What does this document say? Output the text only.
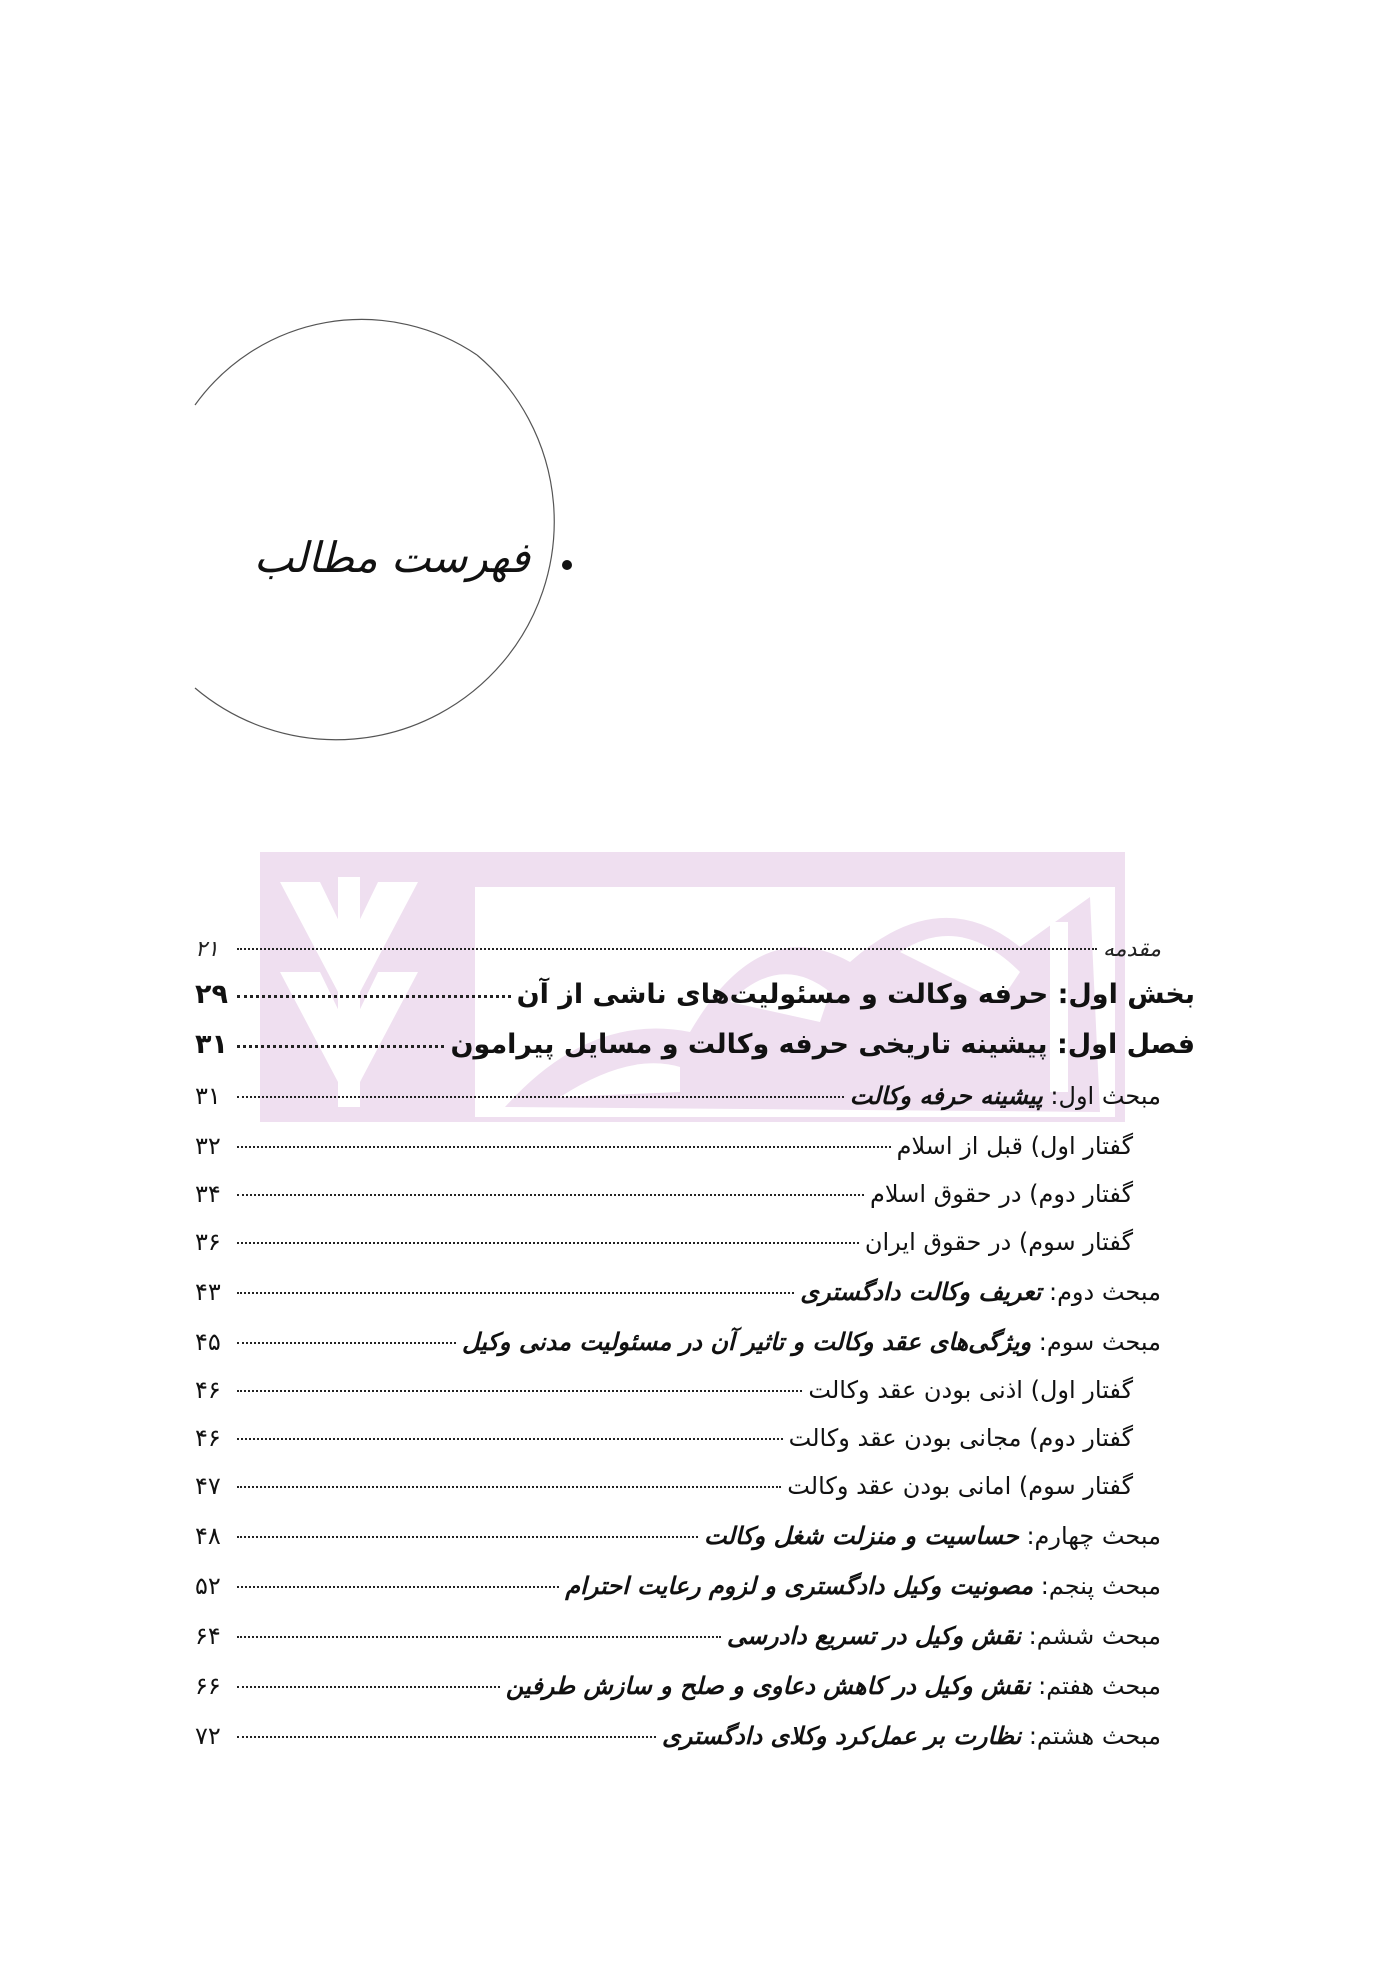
فهرست مطالب
مقدمه
۲۱
بخش اول: حرفه وکالت و مسئولیت‌های ناشی از آن
۲۹
فصل اول: پیشینه تاریخی حرفه وکالت و مسایل پیرامون
۳۱
مبحث اول: پیشینه حرفه وکالت
۳۱
گفتار اول) قبل از اسلام
۳۲
گفتار دوم) در حقوق اسلام
۳۴
گفتار سوم) در حقوق ایران
۳۶
مبحث دوم: تعریف وکالت دادگستری
۴۳
مبحث سوم: ویژگی‌های عقد وکالت و تاثیر آن در مسئولیت مدنی وکیل
۴۵
گفتار اول) اذنی بودن عقد وکالت
۴۶
گفتار دوم) مجانی بودن عقد وکالت
۴۶
گفتار سوم) امانی بودن عقد وکالت
۴۷
مبحث چهارم: حساسیت و منزلت شغل وکالت
۴۸
مبحث پنجم: مصونیت وکیل دادگستری و لزوم رعایت احترام
۵۲
مبحث ششم: نقش وکیل در تسریع دادرسی
۶۴
مبحث هفتم: نقش وکیل در کاهش دعاوی و صلح و سازش طرفین
۶۶
مبحث هشتم: نظارت بر عمل‌کرد وکلای دادگستری
۷۲
